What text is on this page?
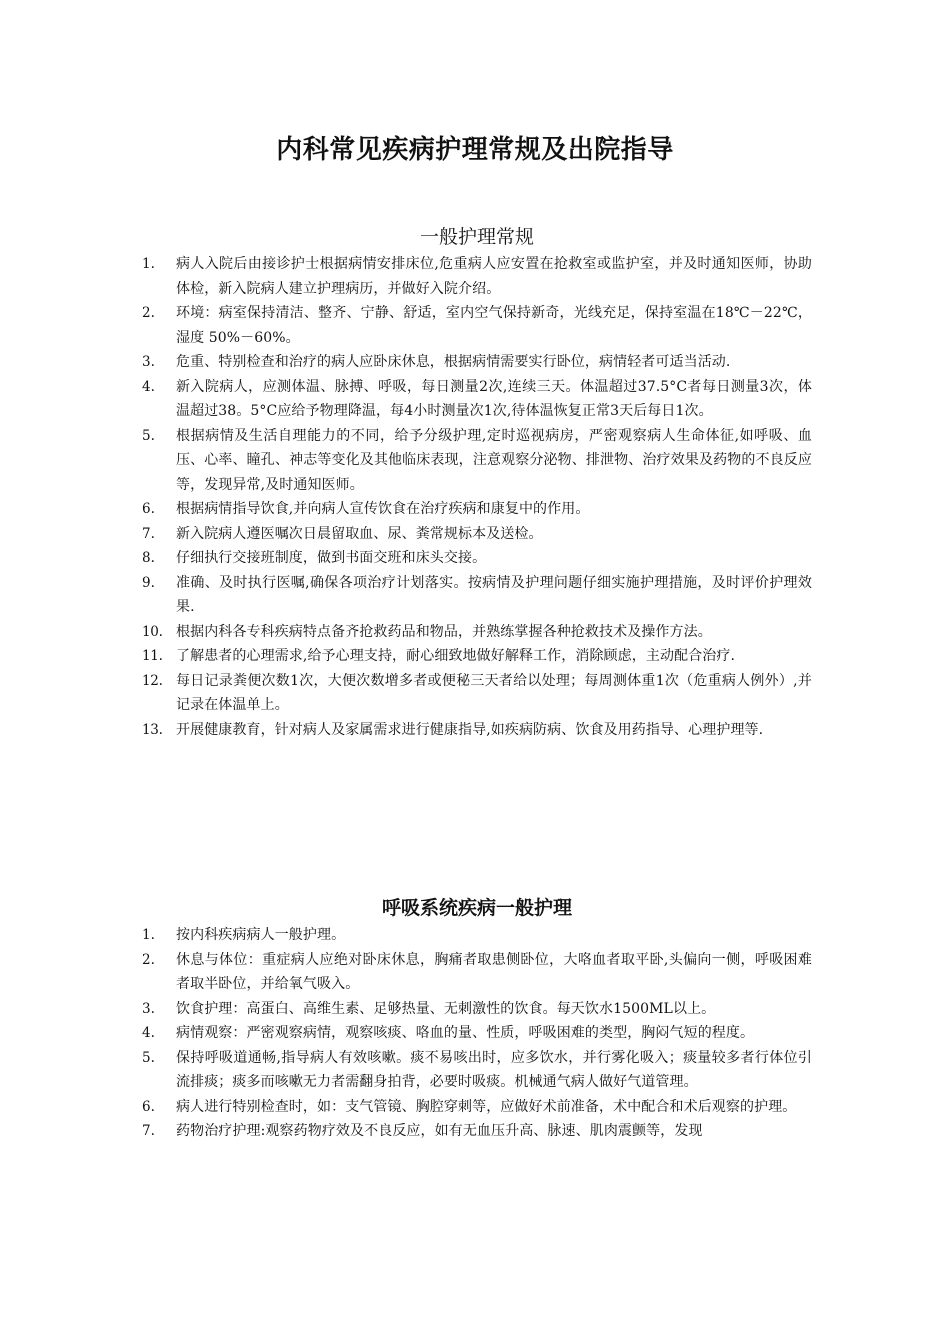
内科常见疾病护理常规及出院指导
一般护理常规
1.	病人入院后由接诊护士根据病情安排床位,危重病人应安置在抢救室或监护室，并及时通知医师，协助体检，新入院病人建立护理病历，并做好入院介绍。
2.	环境：病室保持清洁、整齐、宁静、舒适，室内空气保持新奇，光线充足，保持室温在18℃－22℃，湿度 50%－60%。
3.	危重、特别检查和治疗的病人应卧床休息，根据病情需要实行卧位，病情轻者可适当活动.
4.	新入院病人，应测体温、脉搏、呼吸，每日测量2次,连续三天。体温超过37.5°C者每日测量3次，体温超过38。5°C应给予物理降温，每4小时测量次1次,待体温恢复正常3天后每日1次。
5.	根据病情及生活自理能力的不同，给予分级护理,定时巡视病房，严密观察病人生命体征,如呼吸、血压、心率、瞳孔、神志等变化及其他临床表现，注意观察分泌物、排泄物、治疗效果及药物的不良反应等，发现异常,及时通知医师。
6.	根据病情指导饮食,并向病人宣传饮食在治疗疾病和康复中的作用。
7.	新入院病人遵医嘱次日晨留取血、尿、粪常规标本及送检。
8.	仔细执行交接班制度，做到书面交班和床头交接。
9.	准确、及时执行医嘱,确保各项治疗计划落实。按病情及护理问题仔细实施护理措施，及时评价护理效果.
10. 根据内科各专科疾病特点备齐抢救药品和物品，并熟练掌握各种抢救技术及操作方法。
11. 了解患者的心理需求,给予心理支持，耐心细致地做好解释工作，消除顾虑，主动配合治疗.
12. 每日记录粪便次数1次，大便次数增多者或便秘三天者给以处理；每周测体重1次（危重病人例外）,并记录在体温单上。
13. 开展健康教育，针对病人及家属需求进行健康指导,如疾病防病、饮食及用药指导、心理护理等.
呼吸系统疾病一般护理
1.	按内科疾病病人一般护理。
2.	休息与体位：重症病人应绝对卧床休息，胸痛者取患侧卧位，大咯血者取平卧,头偏向一侧，呼吸困难者取半卧位，并给氧气吸入。
3.	饮食护理：高蛋白、高维生素、足够热量、无刺激性的饮食。每天饮水1500ML以上。
4.	病情观察：严密观察病情，观察咳痰、咯血的量、性质，呼吸困难的类型，胸闷气短的程度。
5.	保持呼吸道通畅,指导病人有效咳嗽。痰不易咳出时，应多饮水，并行雾化吸入；痰量较多者行体位引流排痰；痰多而咳嗽无力者需翻身拍背，必要时吸痰。机械通气病人做好气道管理。
6.	病人进行特别检查时，如：支气管镜、胸腔穿刺等，应做好术前准备，术中配合和术后观察的护理。
7.	药物治疗护理:观察药物疗效及不良反应，如有无血压升高、脉速、肌肉震颤等，发现
